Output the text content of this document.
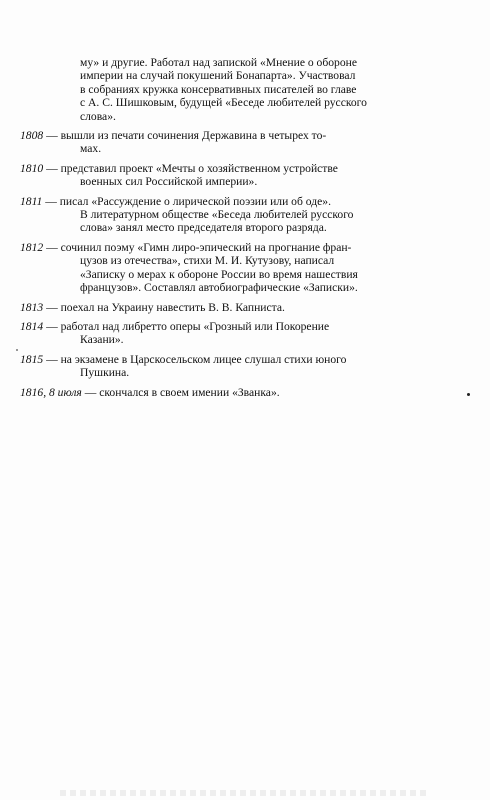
му» и другие. Работал над запиской «Мнение о обороне
империи на случай покушений Бонапарта». Участвовал
в собраниях кружка консервативных писателей во главе
с А. С. Шишковым, будущей «Беседе любителей русского
слова».
1808 — вышли из печати сочинения Державина в четырех то-
мах.
1810 — представил проект «Мечты о хозяйственном устройстве
военных сил Российской империи».
1811 — писал «Рассуждение о лирической поэзии или об оде».
В литературном обществе «Беседа любителей русского
слова» занял место председателя второго разряда.
1812 — сочинил поэму «Гимн лиро-эпический на прогнание фран-
цузов из отечества», стихи М. И. Кутузову, написал
«Записку о мерах к обороне России во время нашествия
французов». Составлял автобиографические «Записки».
1813 — поехал на Украину навестить В. В. Капниста.
1814 — работал над либретто оперы «Грозный или Покорение
Казани».
1815 — на экзамене в Царскосельском лицее слушал стихи юного
Пушкина.
1816, 8 июля — скончался в своем имении «Званка».
